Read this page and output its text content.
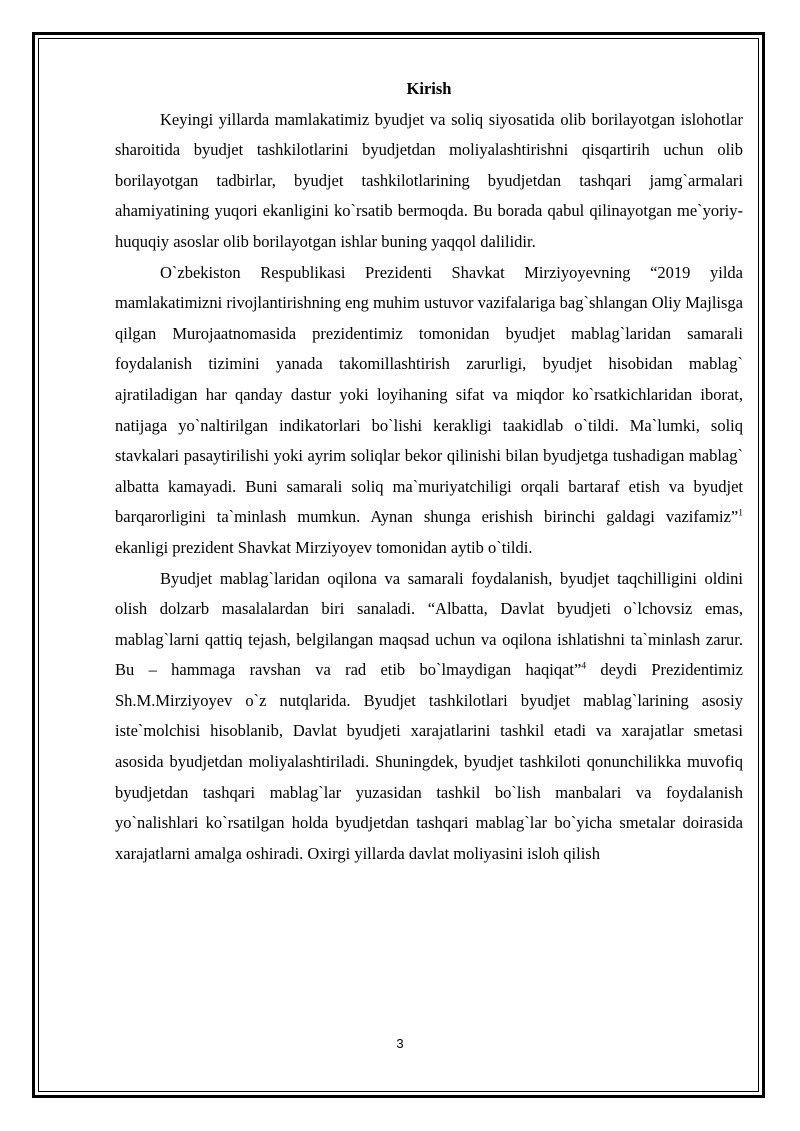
Kirish

Keyingi yillarda mamlakatimiz byudjet va soliq siyosatida olib borilayotgan islohotlar sharoitida byudjet tashkilotlarini byudjetdan moliyalashtirishni qisqartirih uchun olib borilayotgan tadbirlar, byudjet tashkilotlarining byudjetdan tashqari jamg`armalari ahamiyatining yuqori ekanligini ko`rsatib bermoqda. Bu borada qabul qilinayotgan me`yoriy-huquqiy asoslar olib borilayotgan ishlar buning yaqqol dalilidir.

O`zbekiston Respublikasi Prezidenti Shavkat Mirziyoyevning “2019 yilda mamlakatimizni rivojlantirishning eng muhim ustuvor vazifalariga bag`shlangan Oliy Majlisga qilgan Murojaatnomasida prezidentimiz tomonidan byudjet mablag`laridan samarali foydalanish tizimini yanada takomillashtirish zarurligi, byudjet hisobidan mablag` ajratiladigan har qanday dastur yoki loyihaning sifat va miqdor ko`rsatkichlaridan iborat, natijaga yo`naltirilgan indikatorlari bo`lishi kerakligi taakidlab o`tildi. Ma`lumki, soliq stavkalari pasaytirilishi yoki ayrim soliqlar bekor qilinishi bilan byudjetga tushadigan mablag` albatta kamayadi. Buni samarali soliq ma`muriyatchiligi orqali bartaraf etish va byudjet barqarorligini ta`minlash mumkun. Aynan shunga erishish birinchi galdagi vazifamiz”$^1$ ekanligi prezident Shavkat Mirziyoyev tomonidan aytib o`tildi.

Byudjet mablag`laridan oqilona va samarali foydalanish, byudjet taqchilligini oldini olish dolzarb masalalardan biri sanaladi. “Albatta, Davlat byudjeti o`lchovsiz emas, mablag`larni qattiq tejash, belgilangan maqsad uchun va oqilona ishlatishni ta`minlash zarur. Bu – hammaga ravshan va rad etib bo`lmaydigan haqiqat”$^4$ deydi Prezidentimiz Sh.M.Mirziyoyev o`z nutqlarida. Byudjet tashkilotlari byudjet mablag`larining asosiy iste`molchisi hisoblanib, Davlat byudjeti xarajatlarini tashkil etadi va xarajatlar smetasi asosida byudjetdan moliyalashtiriladi. Shuningdek, byudjet tashkiloti qonunchilikka muvofiq byudjetdan tashqari mablag`lar yuzasidan tashkil bo`lish manbalari va foydalanish yo`nalishlari ko`rsatilgan holda byudjetdan tashqari mablag`lar bo`yicha smetalar doirasida xarajatlarni amalga oshiradi. Oxirgi yillarda davlat moliyasini isloh qilish

3
